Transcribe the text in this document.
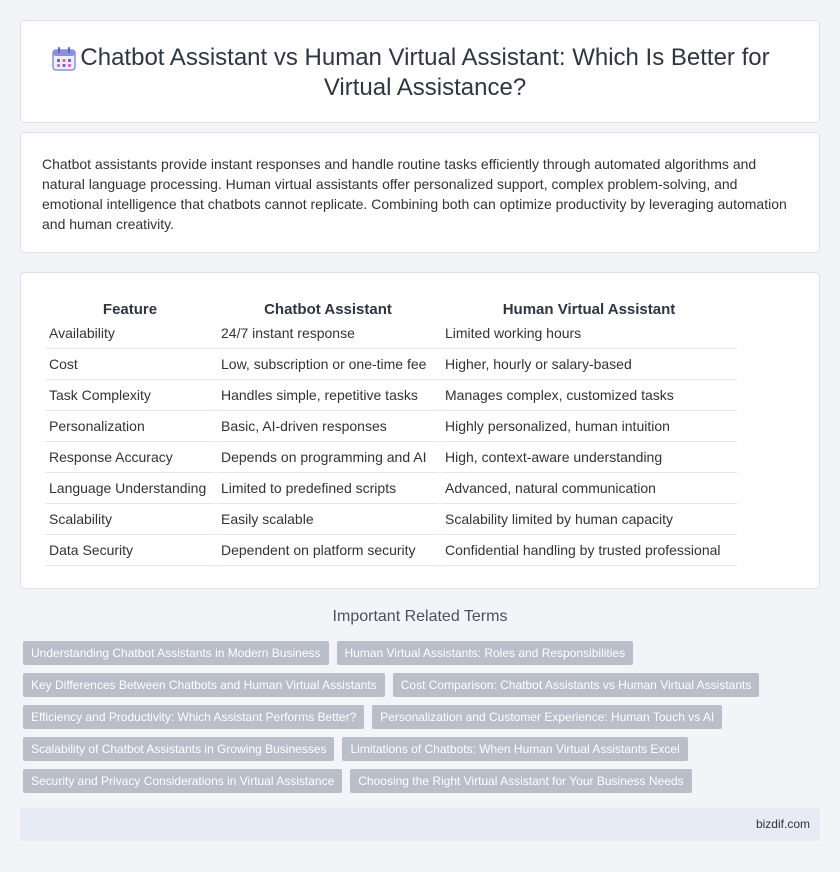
Chatbot Assistant vs Human Virtual Assistant: Which Is Better for Virtual Assistance?

Chatbot assistants provide instant responses and handle routine tasks efficiently through automated algorithms and natural language processing. Human virtual assistants offer personalized support, complex problem-solving, and emotional intelligence that chatbots cannot replicate. Combining both can optimize productivity by leveraging automation and human creativity.

Feature	Chatbot Assistant	Human Virtual Assistant
Availability	24/7 instant response	Limited working hours
Cost	Low, subscription or one-time fee	Higher, hourly or salary-based
Task Complexity	Handles simple, repetitive tasks	Manages complex, customized tasks
Personalization	Basic, AI-driven responses	Highly personalized, human intuition
Response Accuracy	Depends on programming and AI	High, context-aware understanding
Language Understanding	Limited to predefined scripts	Advanced, natural communication
Scalability	Easily scalable	Scalability limited by human capacity
Data Security	Dependent on platform security	Confidential handling by trusted professional
Important Related Terms
Understanding Chatbot Assistants in Modern Business	Human Virtual Assistants: Roles and Responsibilities
Key Differences Between Chatbots and Human Virtual Assistants	Cost Comparison: Chatbot Assistants vs Human Virtual Assistants
Efficiency and Productivity: Which Assistant Performs Better?	Personalization and Customer Experience: Human Touch vs AI
Scalability of Chatbot Assistants in Growing Businesses	Limitations of Chatbots: When Human Virtual Assistants Excel
Security and Privacy Considerations in Virtual Assistance	Choosing the Right Virtual Assistant for Your Business Needs
bizdif.com
